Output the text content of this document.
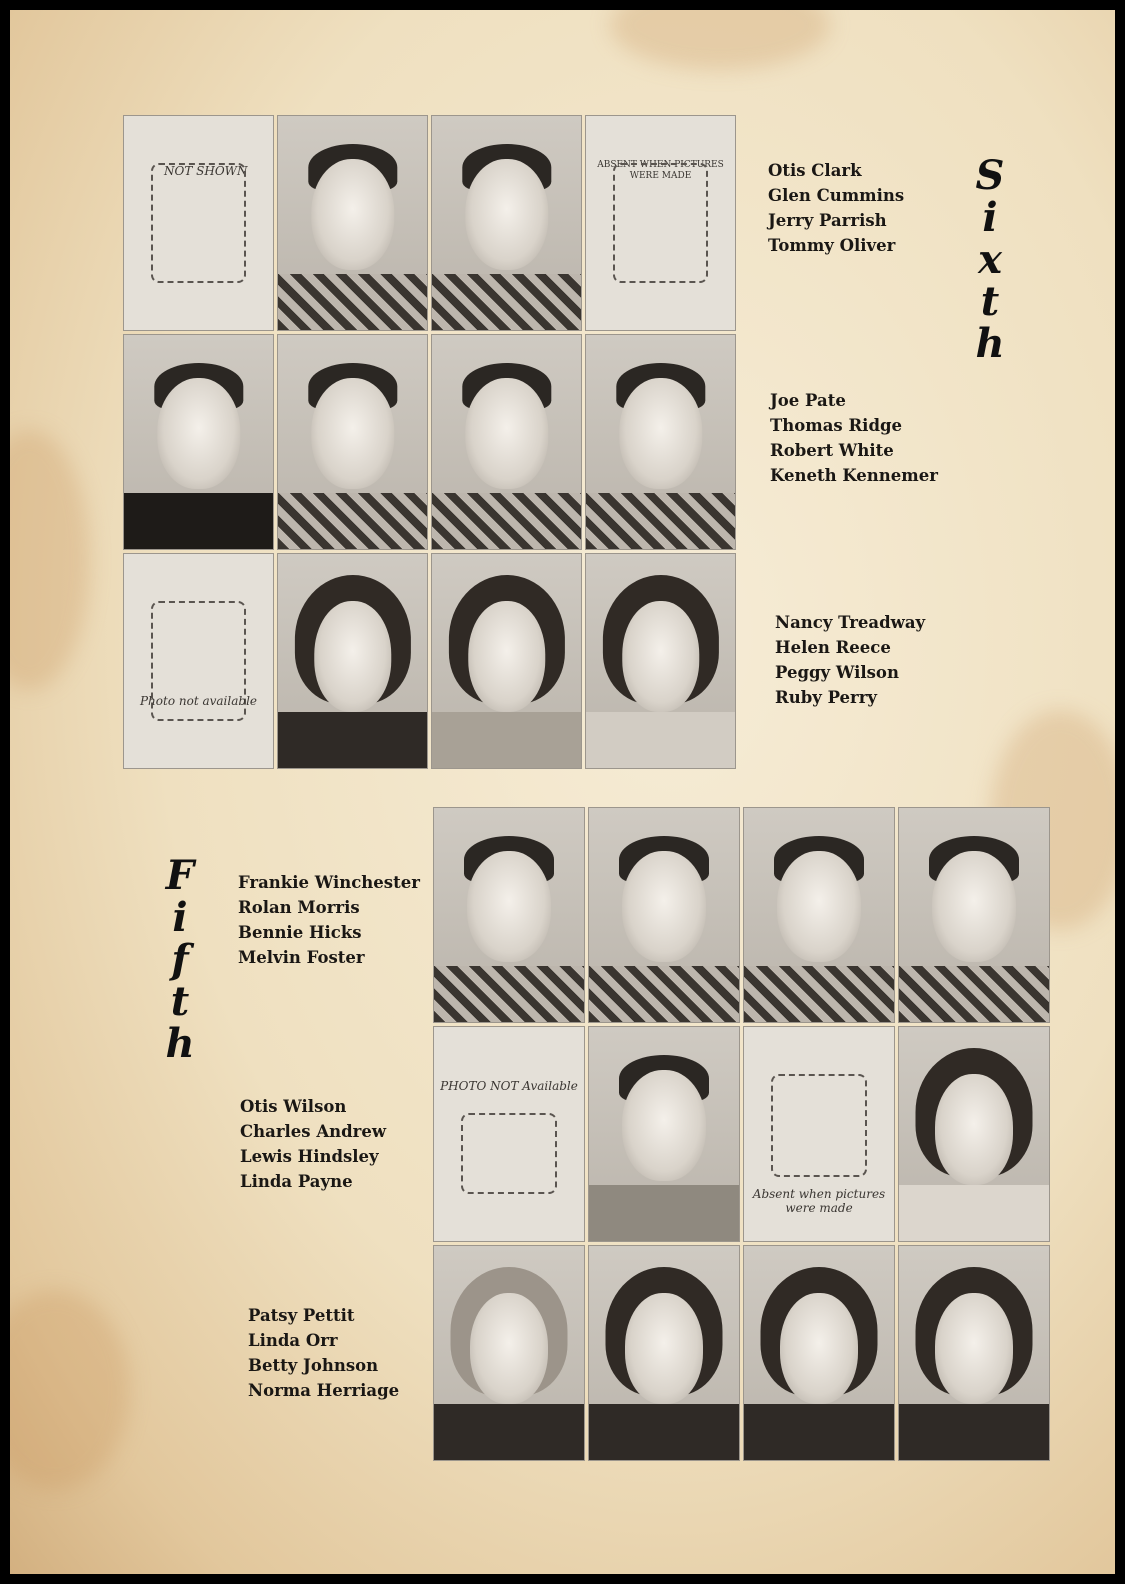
NOT SHOWN	ABSENT WHEN PICTURES WERE MADE
Photo not available
Otis Clark
Glen Cummins
Jerry Parrish
Tommy Oliver
Joe Pate
Thomas Ridge
Robert White
Keneth Kennemer
Nancy Treadway
Helen Reece
Peggy Wilson
Ruby Perry
S
i
x
t
h
F
i
f
t
h
Frankie Winchester
Rolan Morris
Bennie Hicks
Melvin Foster
Otis Wilson
Charles Andrew
Lewis Hindsley
Linda Payne
Patsy Pettit
Linda Orr
Betty Johnson
Norma Herriage
PHOTO NOT Available
Absent when pictures were made
